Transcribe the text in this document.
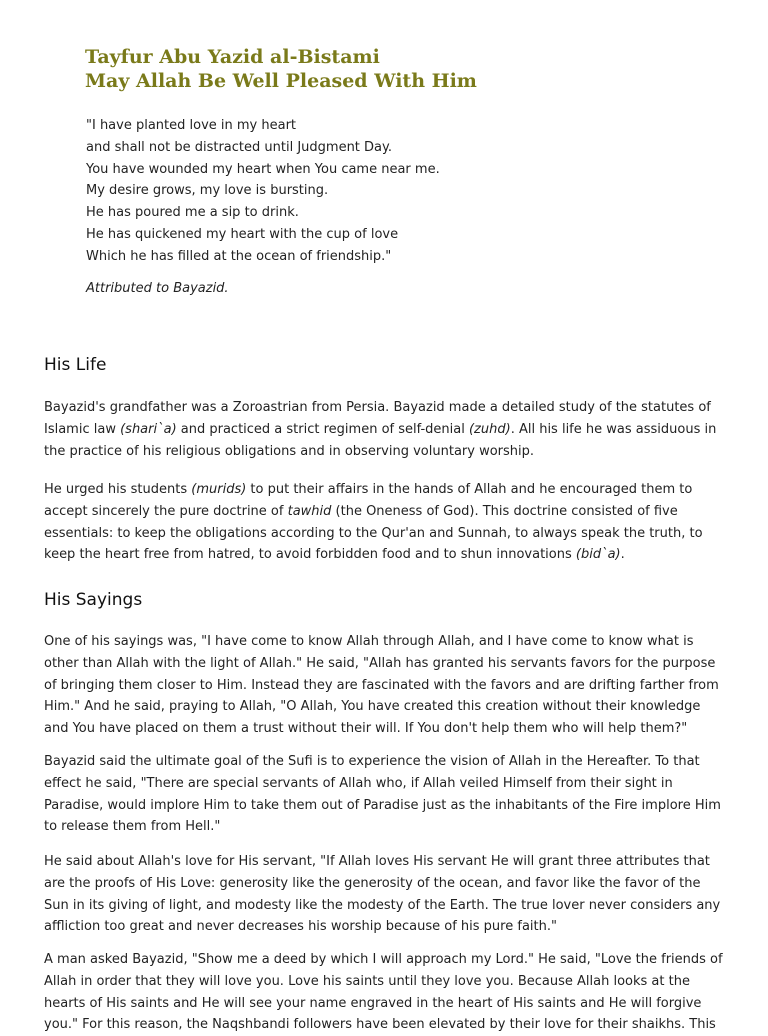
Tayfur Abu Yazid al-Bistami
May Allah Be Well Pleased With Him
"I have planted love in my heart
and shall not be distracted until Judgment Day.
You have wounded my heart when You came near me.
My desire grows, my love is bursting.
He has poured me a sip to drink.
He has quickened my heart with the cup of love
Which he has filled at the ocean of friendship."
Attributed to Bayazid.
His Life

Bayazid's grandfather was a Zoroastrian from Persia. Bayazid made a detailed study of the statutes of Islamic law (shari`a) and practiced a strict regimen of self-denial (zuhd). All his life he was assiduous in the practice of his religious obligations and in observing voluntary worship.

He urged his students (murids) to put their affairs in the hands of Allah and he encouraged them to accept sincerely the pure doctrine of tawhid (the Oneness of God). This doctrine consisted of five essentials: to keep the obligations according to the Qur'an and Sunnah, to always speak the truth, to keep the heart free from hatred, to avoid forbidden food and to shun innovations (bid`a).

His Sayings

One of his sayings was, "I have come to know Allah through Allah, and I have come to know what is other than Allah with the light of Allah." He said, "Allah has granted his servants favors for the purpose of bringing them closer to Him. Instead they are fascinated with the favors and are drifting farther from Him." And he said, praying to Allah, "O Allah, You have created this creation without their knowledge and You have placed on them a trust without their will. If You don't help them who will help them?"

Bayazid said the ultimate goal of the Sufi is to experience the vision of Allah in the Hereafter. To that effect he said, "There are special servants of Allah who, if Allah veiled Himself from their sight in Paradise, would implore Him to take them out of Paradise just as the inhabitants of the Fire implore Him to release them from Hell."

He said about Allah's love for His servant, "If Allah loves His servant He will grant three attributes that are the proofs of His Love: generosity like the generosity of the ocean, and favor like the favor of the Sun in its giving of light, and modesty like the modesty of the Earth. The true lover never considers any affliction too great and never decreases his worship because of his pure faith."

A man asked Bayazid, "Show me a deed by which I will approach my Lord." He said, "Love the friends of Allah in order that they will love you. Love his saints until they love you. Because Allah looks at the hearts of His saints and He will see your name engraved in the heart of His saints and He will forgive you." For this reason, the Naqshbandi followers have been elevated by their love for their shaikhs. This
